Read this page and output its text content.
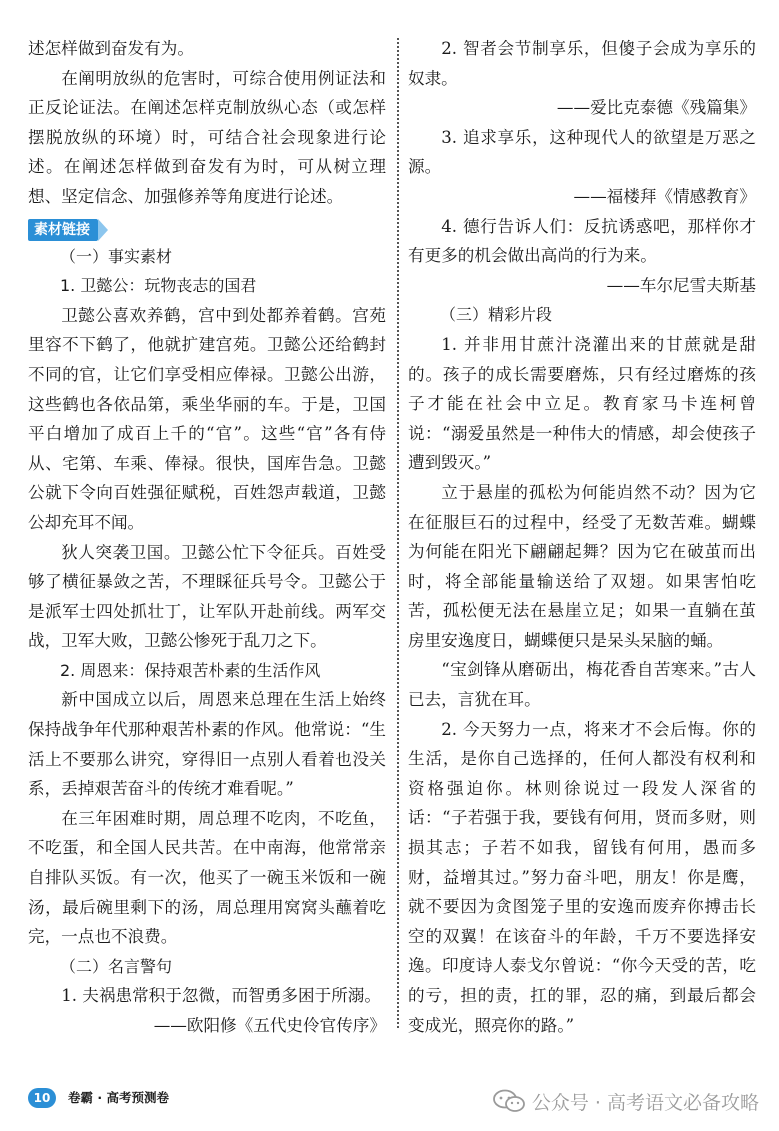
述怎样做到奋发有为。

在阐明放纵的危害时，可综合使用例证法和正反论证法。在阐述怎样克制放纵心态（或怎样摆脱放纵的环境）时，可结合社会现象进行论述。在阐述怎样做到奋发有为时，可从树立理想、坚定信念、加强修养等角度进行论述。

素材链接

（一）事实素材

1. 卫懿公：玩物丧志的国君

卫懿公喜欢养鹤，宫中到处都养着鹤。宫苑里容不下鹤了，他就扩建宫苑。卫懿公还给鹤封不同的官，让它们享受相应俸禄。卫懿公出游，这些鹤也各依品第，乘坐华丽的车。于是，卫国平白增加了成百上千的“官”。这些“官”各有侍从、宅第、车乘、俸禄。很快，国库告急。卫懿公就下令向百姓强征赋税，百姓怨声载道，卫懿公却充耳不闻。

狄人突袭卫国。卫懿公忙下令征兵。百姓受够了横征暴敛之苦，不理睬征兵号令。卫懿公于是派军士四处抓壮丁，让军队开赴前线。两军交战，卫军大败，卫懿公惨死于乱刀之下。

2. 周恩来：保持艰苦朴素的生活作风

新中国成立以后，周恩来总理在生活上始终保持战争年代那种艰苦朴素的作风。他常说：“生活上不要那么讲究，穿得旧一点别人看着也没关系，丢掉艰苦奋斗的传统才难看呢。”

在三年困难时期，周总理不吃肉，不吃鱼，不吃蛋，和全国人民共苦。在中南海，他常常亲自排队买饭。有一次，他买了一碗玉米饭和一碗汤，最后碗里剩下的汤，周总理用窝窝头蘸着吃完，一点也不浪费。

（二）名言警句

1. 夫祸患常积于忽微，而智勇多困于所溺。

——欧阳修《五代史伶官传序》

2. 智者会节制享乐，但傻子会成为享乐的奴隶。

——爱比克泰德《残篇集》

3. 追求享乐，这种现代人的欲望是万恶之源。

——福楼拜《情感教育》

4. 德行告诉人们：反抗诱惑吧，那样你才有更多的机会做出高尚的行为来。

——车尔尼雪夫斯基

（三）精彩片段

1. 并非用甘蔗汁浇灌出来的甘蔗就是甜的。孩子的成长需要磨炼，只有经过磨炼的孩子才能在社会中立足。教育家马卡连柯曾说：“溺爱虽然是一种伟大的情感，却会使孩子遭到毁灭。”

立于悬崖的孤松为何能岿然不动？因为它在征服巨石的过程中，经受了无数苦难。蝴蝶为何能在阳光下翩翩起舞？因为它在破茧而出时，将全部能量输送给了双翅。如果害怕吃苦，孤松便无法在悬崖立足；如果一直躺在茧房里安逸度日，蝴蝶便只是呆头呆脑的蛹。

“宝剑锋从磨砺出，梅花香自苦寒来。”古人已去，言犹在耳。

2. 今天努力一点，将来才不会后悔。你的生活，是你自己选择的，任何人都没有权利和资格强迫你。林则徐说过一段发人深省的话：“子若强于我，要钱有何用，贤而多财，则损其志；子若不如我，留钱有何用，愚而多财，益增其过。”努力奋斗吧，朋友！你是鹰，就不要因为贪图笼子里的安逸而废弃你搏击长空的双翼！在该奋斗的年龄，千万不要选择安逸。印度诗人泰戈尔曾说：“你今天受的苦，吃的亏，担的责，扛的罪，忍的痛，到最后都会变成光，照亮你的路。”

10	卷霸 · 高考预测卷	公众号 · 高考语文必备攻略
